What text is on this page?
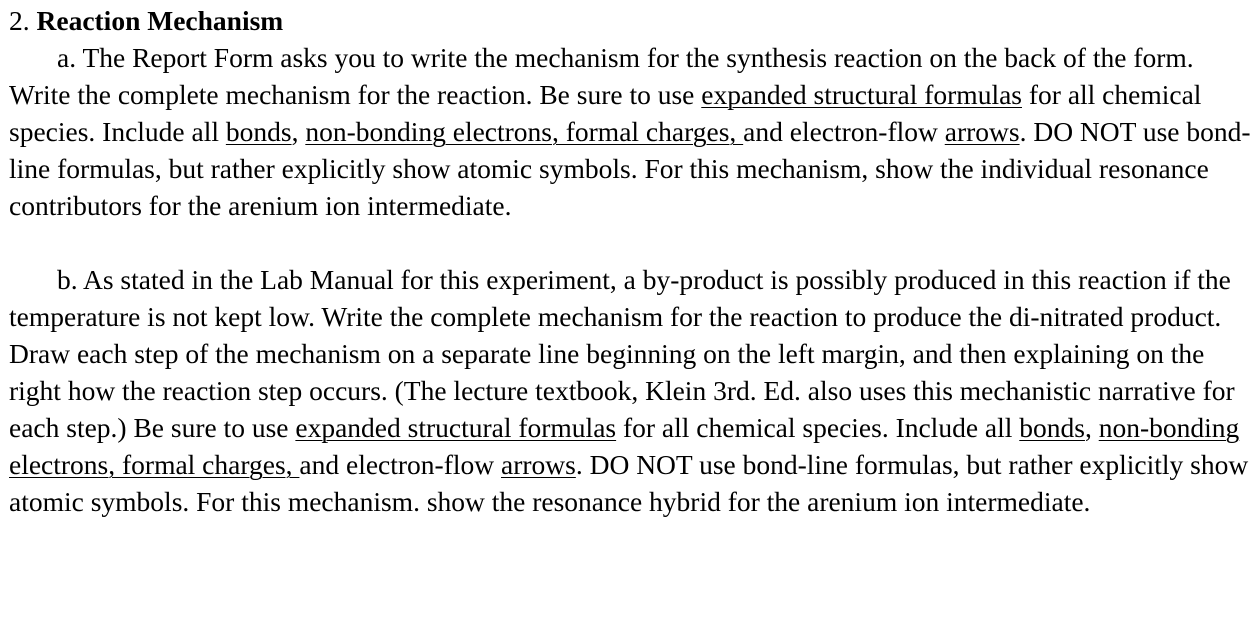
2. Reaction Mechanism

a. The Report Form asks you to write the mechanism for the synthesis reaction on the back of the form. Write the complete mechanism for the reaction. Be sure to use expanded structural formulas for all chemical species. Include all bonds, non-bonding electrons, formal charges, and electron-flow arrows. DO NOT use bond-line formulas, but rather explicitly show atomic symbols. For this mechanism, show the individual resonance contributors for the arenium ion intermediate.

b. As stated in the Lab Manual for this experiment, a by-product is possibly produced in this reaction if the temperature is not kept low. Write the complete mechanism for the reaction to produce the di-nitrated product. Draw each step of the mechanism on a separate line beginning on the left margin, and then explaining on the right how the reaction step occurs. (The lecture textbook, Klein 3rd. Ed. also uses this mechanistic narrative for each step.) Be sure to use expanded structural formulas for all chemical species. Include all bonds, non-bonding electrons, formal charges, and electron-flow arrows. DO NOT use bond-line formulas, but rather explicitly show atomic symbols. For this mechanism. show the resonance hybrid for the arenium ion intermediate.
